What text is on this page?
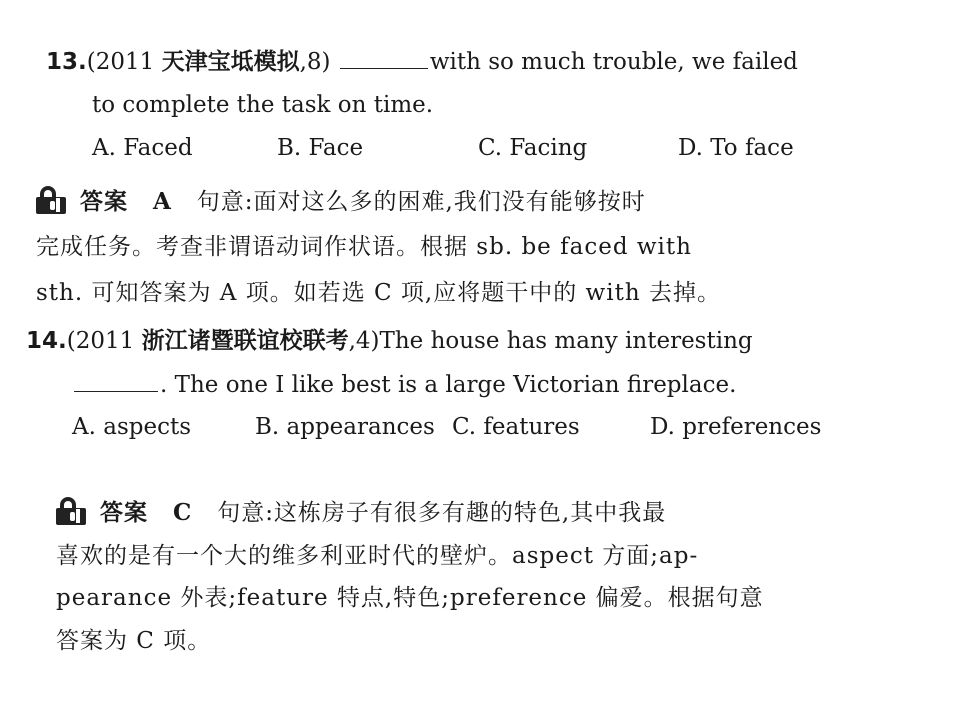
13.(2011 天津宝坻模拟,8)	with so much trouble, we failed
to complete the task on time.
A. Faced	B. Face	C. Facing	D. To face
答案 A 句意:面对这么多的困难,我们没有能够按时
完成任务。考查非谓语动词作状语。根据 sb. be faced with
sth. 可知答案为 A 项。如若选 C 项,应将题干中的 with 去掉。
14.(2011 浙江诸暨联谊校联考,4)The house has many interesting
. The one I like best is a large Victorian fireplace.
A. aspects	B. appearances C. features	D. preferences
答案 C 句意:这栋房子有很多有趣的特色,其中我最
喜欢的是有一个大的维多利亚时代的壁炉。aspect 方面;ap-
pearance 外表;feature 特点,特色;preference 偏爱。根据句意
答案为 C 项。
